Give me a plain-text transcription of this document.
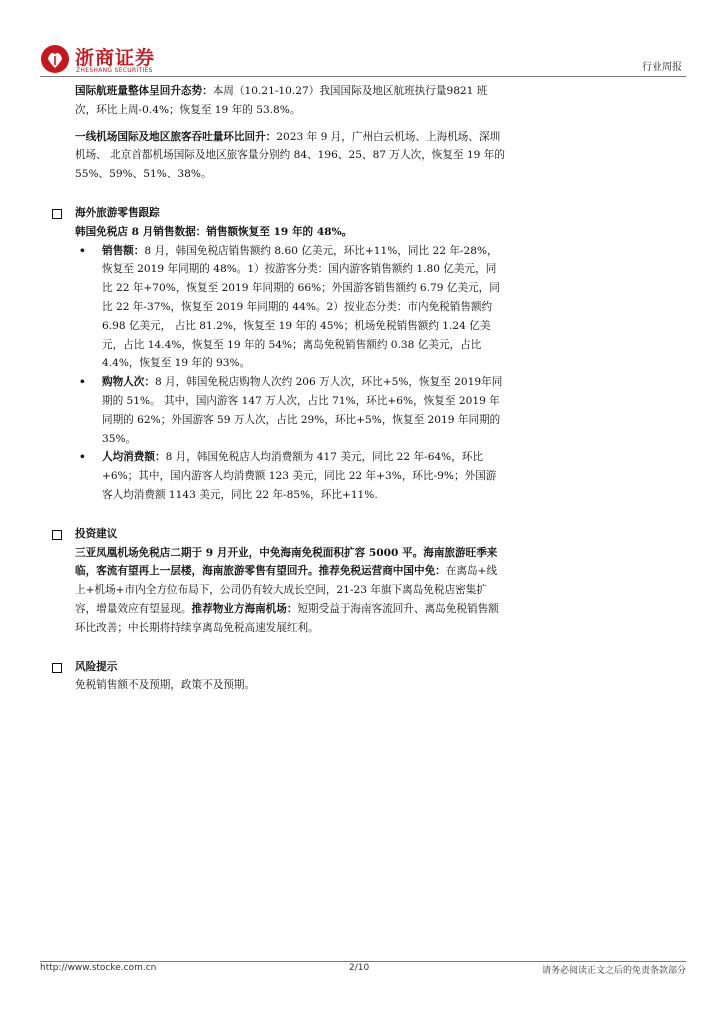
浙商证券
ZHESHANG SECURITIES	行业周报

国际航班量整体呈回升态势：本周（10.21-10.27）我国国际及地区航班执行量9821 班次，环比上周-0.4%；恢复至 19 年的 53.8%。

一线机场国际及地区旅客吞吐量环比回升：2023 年 9 月，广州白云机场、上海机场、深圳机场、 北京首都机场国际及地区旅客量分别约 84、196、25、87 万人次，恢复至 19 年的 55%、59%、51%、38%。

海外旅游零售跟踪

韩国免税店 8 月销售数据：销售额恢复至 19 年的 48%。

• 销售额：8 月，韩国免税店销售额约 8.60 亿美元，环比+11%，同比 22 年-28%，恢复至 2019 年同期的 48%。1）按游客分类：国内游客销售额约 1.80 亿美元，同比 22 年+70%，恢复至 2019 年同期的 66%；外国游客销售额约 6.79 亿美元，同比 22 年-37%，恢复至 2019 年同期的 44%。2）按业态分类：市内免税销售额约 6.98 亿美元， 占比 81.2%，恢复至 19 年的 45%；机场免税销售额约 1.24 亿美元，占比 14.4%，恢复至 19 年的 54%；离岛免税销售额约 0.38 亿美元，占比 4.4%，恢复至 19 年的 93%。

• 购物人次：8 月，韩国免税店购物人次约 206 万人次，环比+5%，恢复至 2019年同期的 51%。 其中，国内游客 147 万人次，占比 71%，环比+6%，恢复至 2019 年同期的 62%；外国游客 59 万人次，占比 29%，环比+5%，恢复至 2019 年同期的 35%。

• 人均消费额：8 月，韩国免税店人均消费额为 417 美元，同比 22 年-64%，环比+6%；其中，国内游客人均消费额 123 美元，同比 22 年+3%，环比-9%；外国游客人均消费额 1143 美元，同比 22 年-85%，环比+11%.

投资建议

三亚凤凰机场免税店二期于 9 月开业，中免海南免税面积扩容 5000 平。海南旅游旺季来临，客流有望再上一层楼，海南旅游零售有望回升。推荐免税运营商中国中免：在离岛+线上+机场+市内全方位布局下，公司仍有较大成长空间，21-23 年旗下离岛免税店密集扩容，增量效应有望显现。推荐物业方海南机场：短期受益于海南客流回升、离岛免税销售额环比改善；中长期将持续享离岛免税高速发展红利。

风险提示

免税销售额不及预期，政策不及预期。

http://www.stocke.com.cn	2/10	请务必阅读正文之后的免责条款部分
